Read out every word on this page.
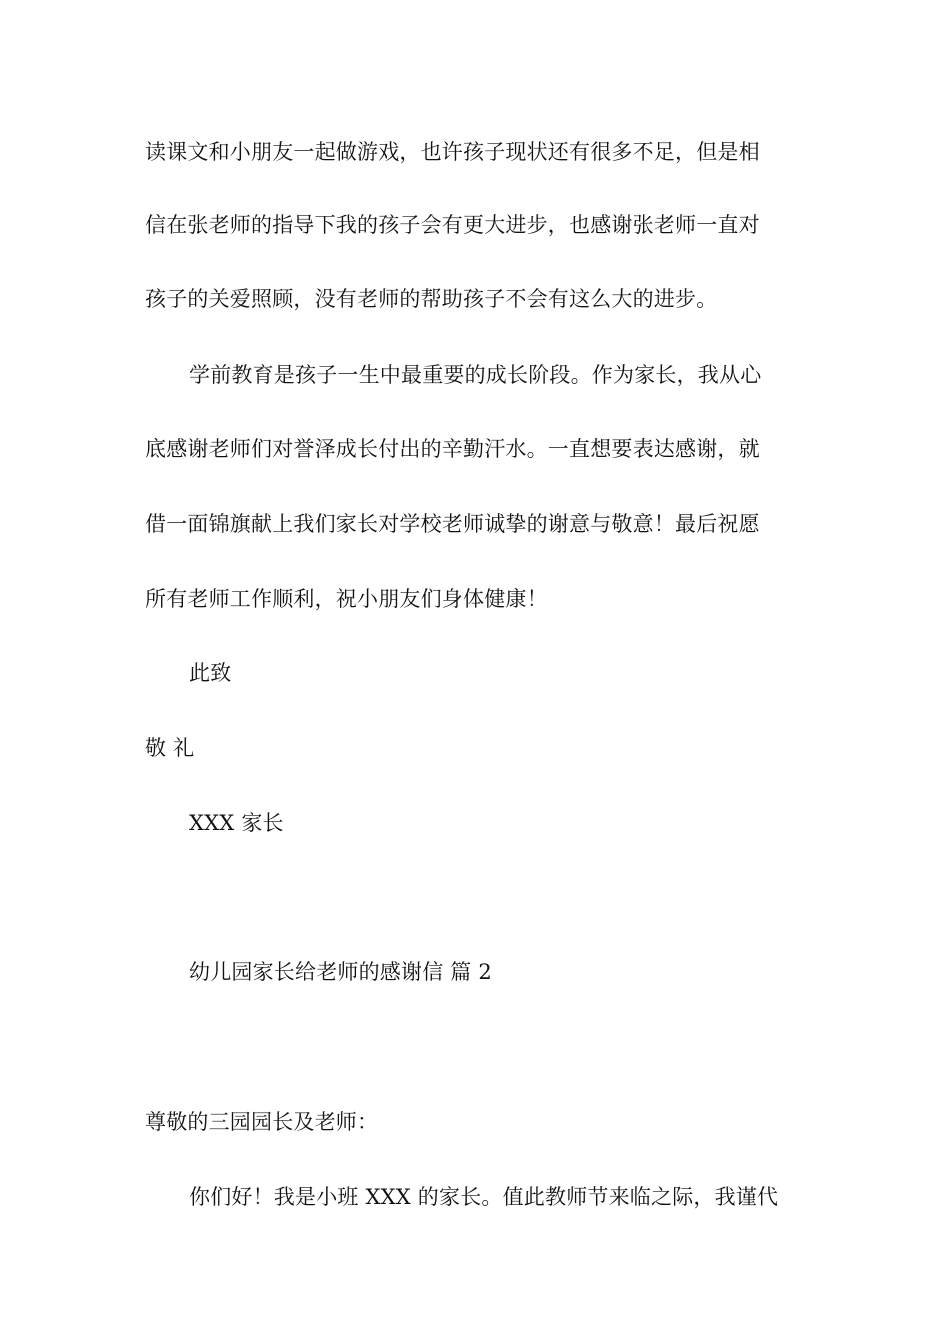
读课文和小朋友一起做游戏，也许孩子现状还有很多不足，但是相
信在张老师的指导下我的孩子会有更大进步，也感谢张老师一直对
孩子的关爱照顾，没有老师的帮助孩子不会有这么大的进步。
学前教育是孩子一生中最重要的成长阶段。作为家长，我从心
底感谢老师们对誉泽成长付出的辛勤汗水。一直想要表达感谢，就
借一面锦旗献上我们家长对学校老师诚挚的谢意与敬意！最后祝愿
所有老师工作顺利，祝小朋友们身体健康！
此致
敬 礼
XXX 家长
幼儿园家长给老师的感谢信 篇 2
尊敬的三园园长及老师：
你们好！我是小班 XXX 的家长。值此教师节来临之际，我谨代
